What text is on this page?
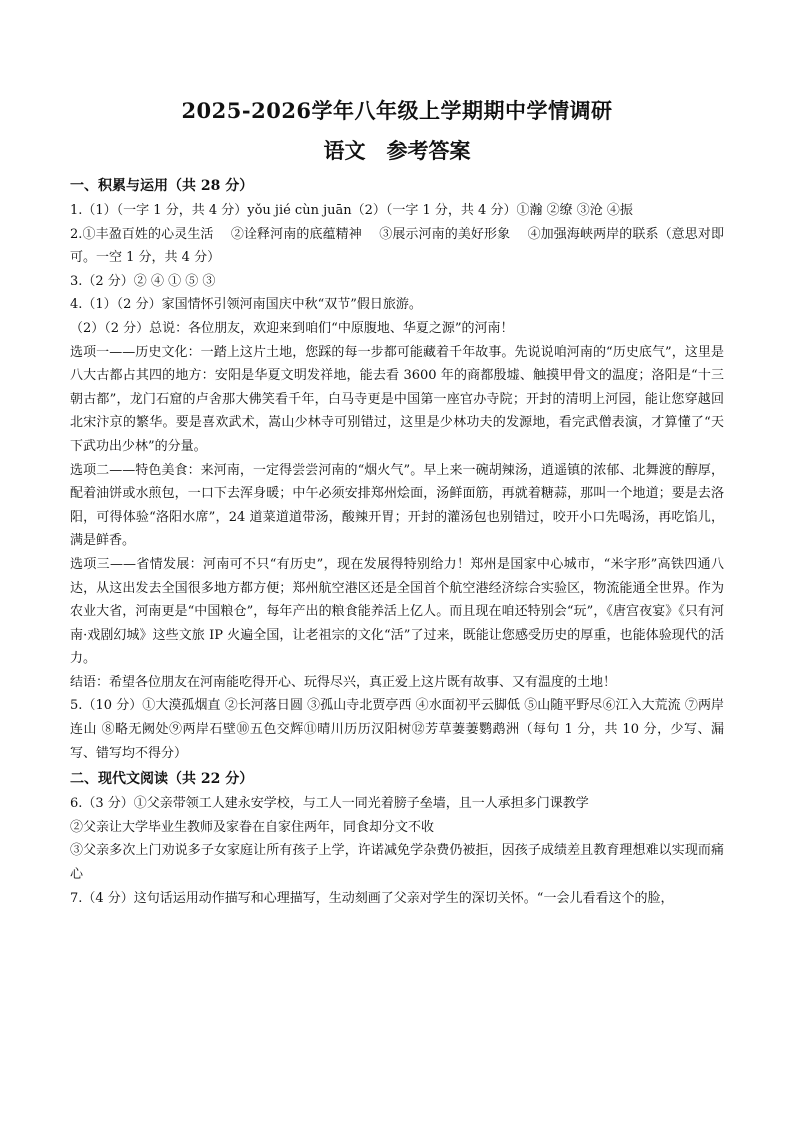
2025-2026学年八年级上学期期中学情调研
语文　参考答案
一、积累与运用（共 28 分）

1.（1）（一字 1 分，共 4 分）yǒu jié cùn juān（2）（一字 1 分，共 4 分）①瀚 ②缭 ③沧 ④振

2.①丰盈百姓的心灵生活　 ②诠释河南的底蕴精神　 ③展示河南的美好形象　 ④加强海峡两岸的联系（意思对即可。一空 1 分，共 4 分）

3.（2 分）② ④ ① ⑤ ③

4.（1）（2 分）家国情怀引领河南国庆中秋“双节”假日旅游。

（2）（2 分）总说：各位朋友，欢迎来到咱们“中原腹地、华夏之源”的河南！

选项一——历史文化：一踏上这片土地，您踩的每一步都可能藏着千年故事。先说说咱河南的“历史底气”，这里是八大古都占其四的地方：安阳是华夏文明发祥地，能去看 3600 年的商都殷墟、触摸甲骨文的温度；洛阳是“十三朝古都”，龙门石窟的卢舍那大佛笑看千年，白马寺更是中国第一座官办寺院；开封的清明上河园，能让您穿越回北宋汴京的繁华。要是喜欢武术，嵩山少林寺可别错过，这里是少林功夫的发源地，看完武僧表演，才算懂了“天下武功出少林”的分量。

选项二——特色美食：来河南，一定得尝尝河南的“烟火气”。早上来一碗胡辣汤，逍遥镇的浓郁、北舞渡的醇厚，配着油饼或水煎包，一口下去浑身暖；中午必须安排郑州烩面，汤鲜面筋，再就着糖蒜，那叫一个地道；要是去洛阳，可得体验“洛阳水席”，24 道菜道道带汤，酸辣开胃；开封的灌汤包也别错过，咬开小口先喝汤，再吃馅儿，满是鲜香。

选项三——省情发展：河南可不只“有历史”，现在发展得特别给力！郑州是国家中心城市，“米字形”高铁四通八达，从这出发去全国很多地方都方便；郑州航空港区还是全国首个航空港经济综合实验区，物流能通全世界。作为农业大省，河南更是“中国粮仓”，每年产出的粮食能养活上亿人。而且现在咱还特别会“玩”，《唐宫夜宴》《只有河南·戏剧幻城》这些文旅 IP 火遍全国，让老祖宗的文化“活”了过来，既能让您感受历史的厚重，也能体验现代的活力。

结语：希望各位朋友在河南能吃得开心、玩得尽兴，真正爱上这片既有故事、又有温度的土地！

5.（10 分）①大漠孤烟直 ②长河落日圆 ③孤山寺北贾亭西 ④水面初平云脚低 ⑤山随平野尽⑥江入大荒流 ⑦两岸连山 ⑧略无阙处⑨两岸石壁⑩五色交辉⑪晴川历历汉阳树⑫芳草萋萋鹦鹉洲（每句 1 分，共 10 分，少写、漏写、错写均不得分）

二、现代文阅读（共 22 分）

6.（3 分）①父亲带领工人建永安学校，与工人一同光着膀子垒墙，且一人承担多门课教学

②父亲让大学毕业生教师及家眷在自家住两年，同食却分文不收

③父亲多次上门劝说多子女家庭让所有孩子上学，许诺减免学杂费仍被拒，因孩子成绩差且教育理想难以实现而痛心

7.（4 分）这句话运用动作描写和心理描写，生动刻画了父亲对学生的深切关怀。“一会儿看看这个的脸，
